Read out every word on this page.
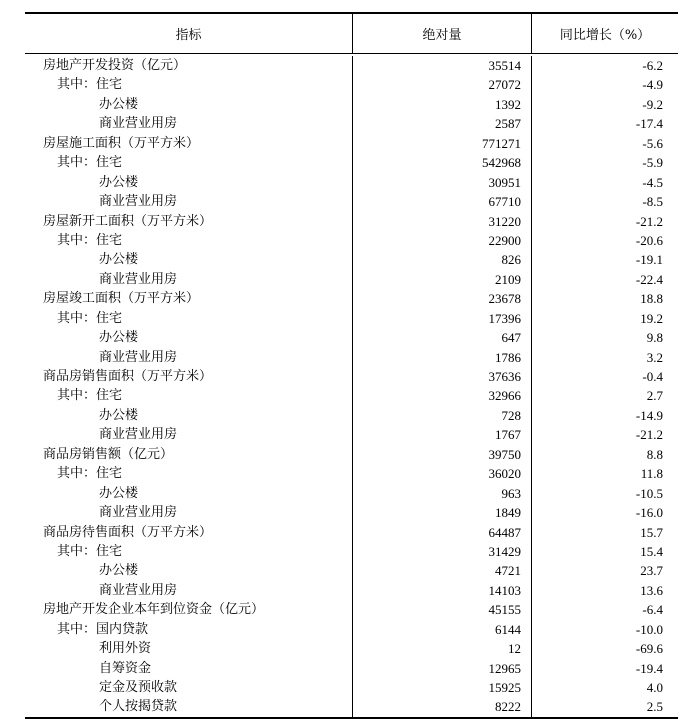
指标	绝对量	同比增长（%）
房地产开发投资（亿元）	35514	-6.2
其中：住宅	27072	-4.9
办公楼	1392	-9.2
商业营业用房	2587	-17.4
房屋施工面积（万平方米）	771271	-5.6
其中：住宅	542968	-5.9
办公楼	30951	-4.5
商业营业用房	67710	-8.5
房屋新开工面积（万平方米）	31220	-21.2
其中：住宅	22900	-20.6
办公楼	826	-19.1
商业营业用房	2109	-22.4
房屋竣工面积（万平方米）	23678	18.8
其中：住宅	17396	19.2
办公楼	647	9.8
商业营业用房	1786	3.2
商品房销售面积（万平方米）	37636	-0.4
其中：住宅	32966	2.7
办公楼	728	-14.9
商业营业用房	1767	-21.2
商品房销售额（亿元）	39750	8.8
其中：住宅	36020	11.8
办公楼	963	-10.5
商业营业用房	1849	-16.0
商品房待售面积（万平方米）	64487	15.7
其中：住宅	31429	15.4
办公楼	4721	23.7
商业营业用房	14103	13.6
房地产开发企业本年到位资金（亿元）	45155	-6.4
其中：国内贷款	6144	-10.0
利用外资	12	-69.6
自筹资金	12965	-19.4
定金及预收款	15925	4.0
个人按揭贷款	8222	2.5
